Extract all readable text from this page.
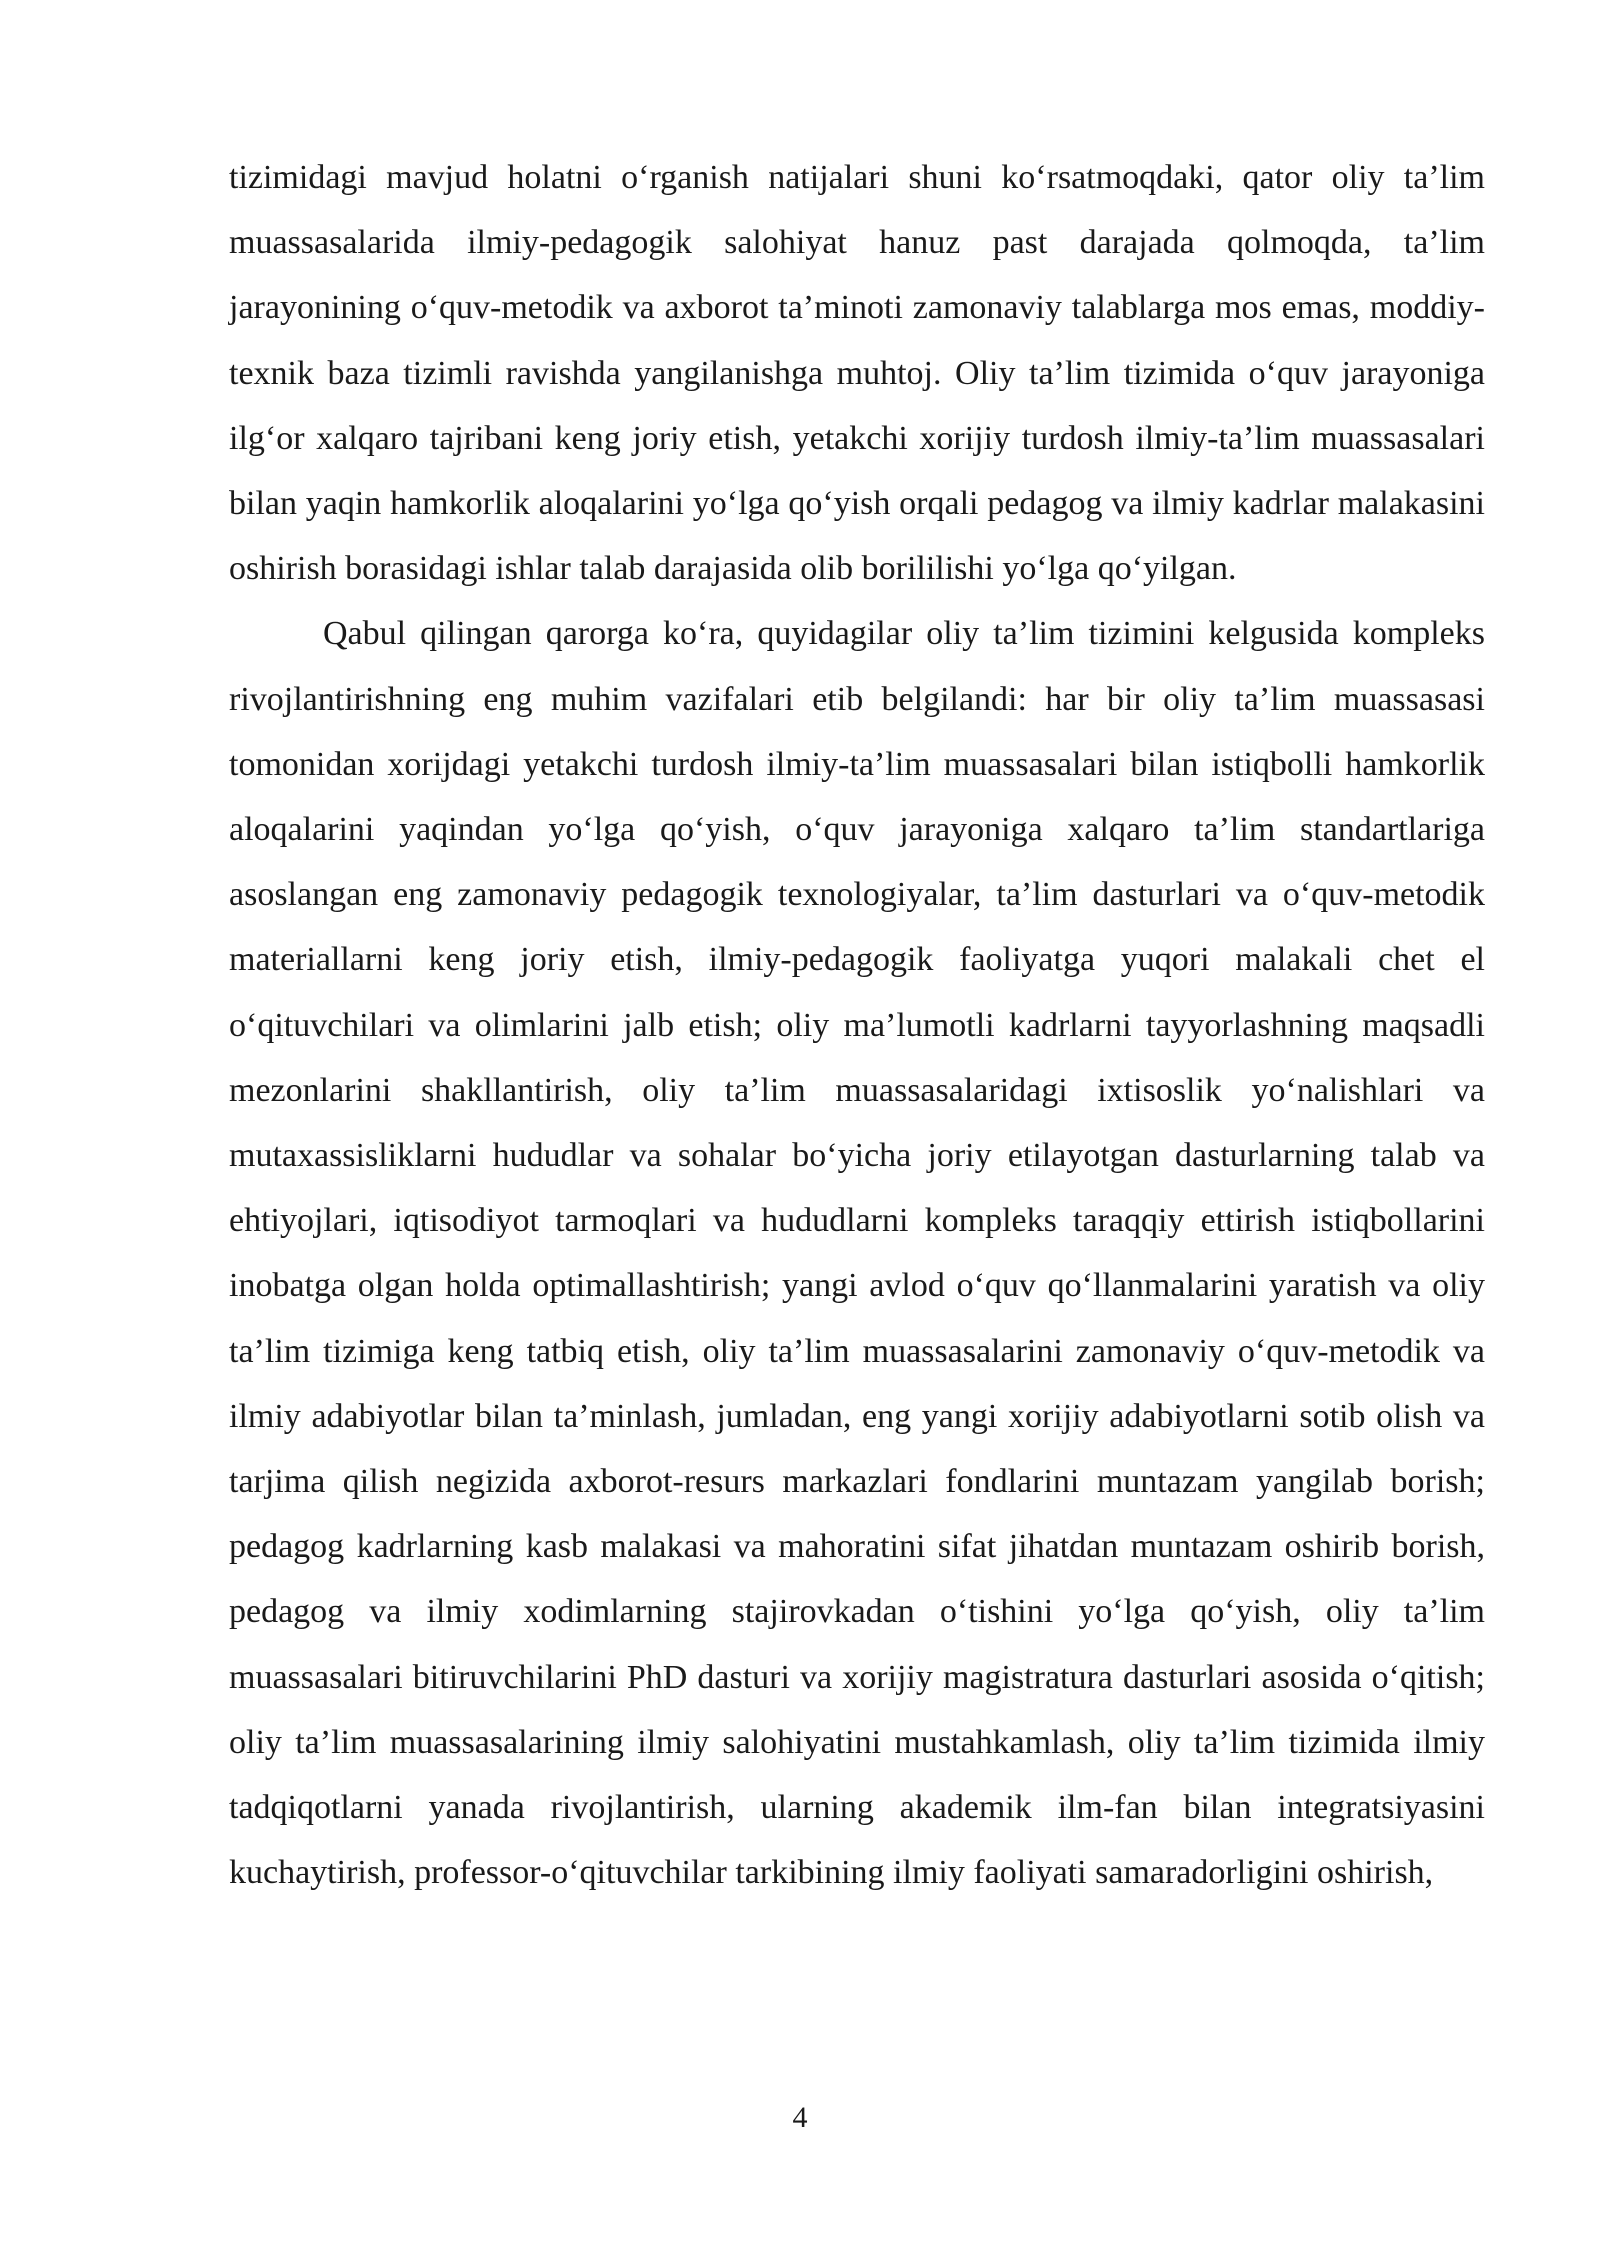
tizimidagi mavjud holatni o‘rganish natijalari shuni ko‘rsatmoqdaki, qator oliy ta’lim muassasalarida ilmiy-pedagogik salohiyat hanuz past darajada qolmoqda, ta’lim jarayonining o‘quv-metodik va axborot ta’minoti zamonaviy talablarga mos emas, moddiy-texnik baza tizimli ravishda yangilanishga muhtoj. Oliy ta’lim tizimida o‘quv jarayoniga ilg‘or xalqaro tajribani keng joriy etish, yetakchi xorijiy turdosh ilmiy-ta’lim muassasalari bilan yaqin hamkorlik aloqalarini yo‘lga qo‘yish orqali pedagog va ilmiy kadrlar malakasini oshirish borasidagi ishlar talab darajasida olib borililishi yo‘lga qo‘yilgan.

Qabul qilingan qarorga ko‘ra, quyidagilar oliy ta’lim tizimini kelgusida kompleks rivojlantirishning eng muhim vazifalari etib belgilandi: har bir oliy ta’lim muassasasi tomonidan xorijdagi yetakchi turdosh ilmiy-ta’lim muassasalari bilan istiqbolli hamkorlik aloqalarini yaqindan yo‘lga qo‘yish, o‘quv jarayoniga xalqaro ta’lim standartlariga asoslangan eng zamonaviy pedagogik texnologiyalar, ta’lim dasturlari va o‘quv-metodik materiallarni keng joriy etish, ilmiy-pedagogik faoliyatga yuqori malakali chet el o‘qituvchilari va olimlarini jalb etish; oliy ma’lumotli kadrlarni tayyorlashning maqsadli mezonlarini shakllantirish, oliy ta’lim muassasalaridagi ixtisoslik yo‘nalishlari va mutaxassisliklarni hududlar va sohalar bo‘yicha joriy etilayotgan dasturlarning talab va ehtiyojlari, iqtisodiyot tarmoqlari va hududlarni kompleks taraqqiy ettirish istiqbollarini inobatga olgan holda optimallashtirish; yangi avlod o‘quv qo‘llanmalarini yaratish va oliy ta’lim tizimiga keng tatbiq etish, oliy ta’lim muassasalarini zamonaviy o‘quv-metodik va ilmiy adabiyotlar bilan ta’minlash, jumladan, eng yangi xorijiy adabiyotlarni sotib olish va tarjima qilish negizida axborot-resurs markazlari fondlarini muntazam yangilab borish; pedagog kadrlarning kasb malakasi va mahoratini sifat jihatdan muntazam oshirib borish, pedagog va ilmiy xodimlarning stajirovkadan o‘tishini yo‘lga qo‘yish, oliy ta’lim muassasalari bitiruvchilarini PhD dasturi va xorijiy magistratura dasturlari asosida o‘qitish; oliy ta’lim muassasalarining ilmiy salohiyatini mustahkamlash, oliy ta’lim tizimida ilmiy tadqiqotlarni yanada rivojlantirish, ularning akademik ilm-fan bilan integratsiyasini kuchaytirish, professor-o‘qituvchilar tarkibining ilmiy faoliyati samaradorligini oshirish,

4
